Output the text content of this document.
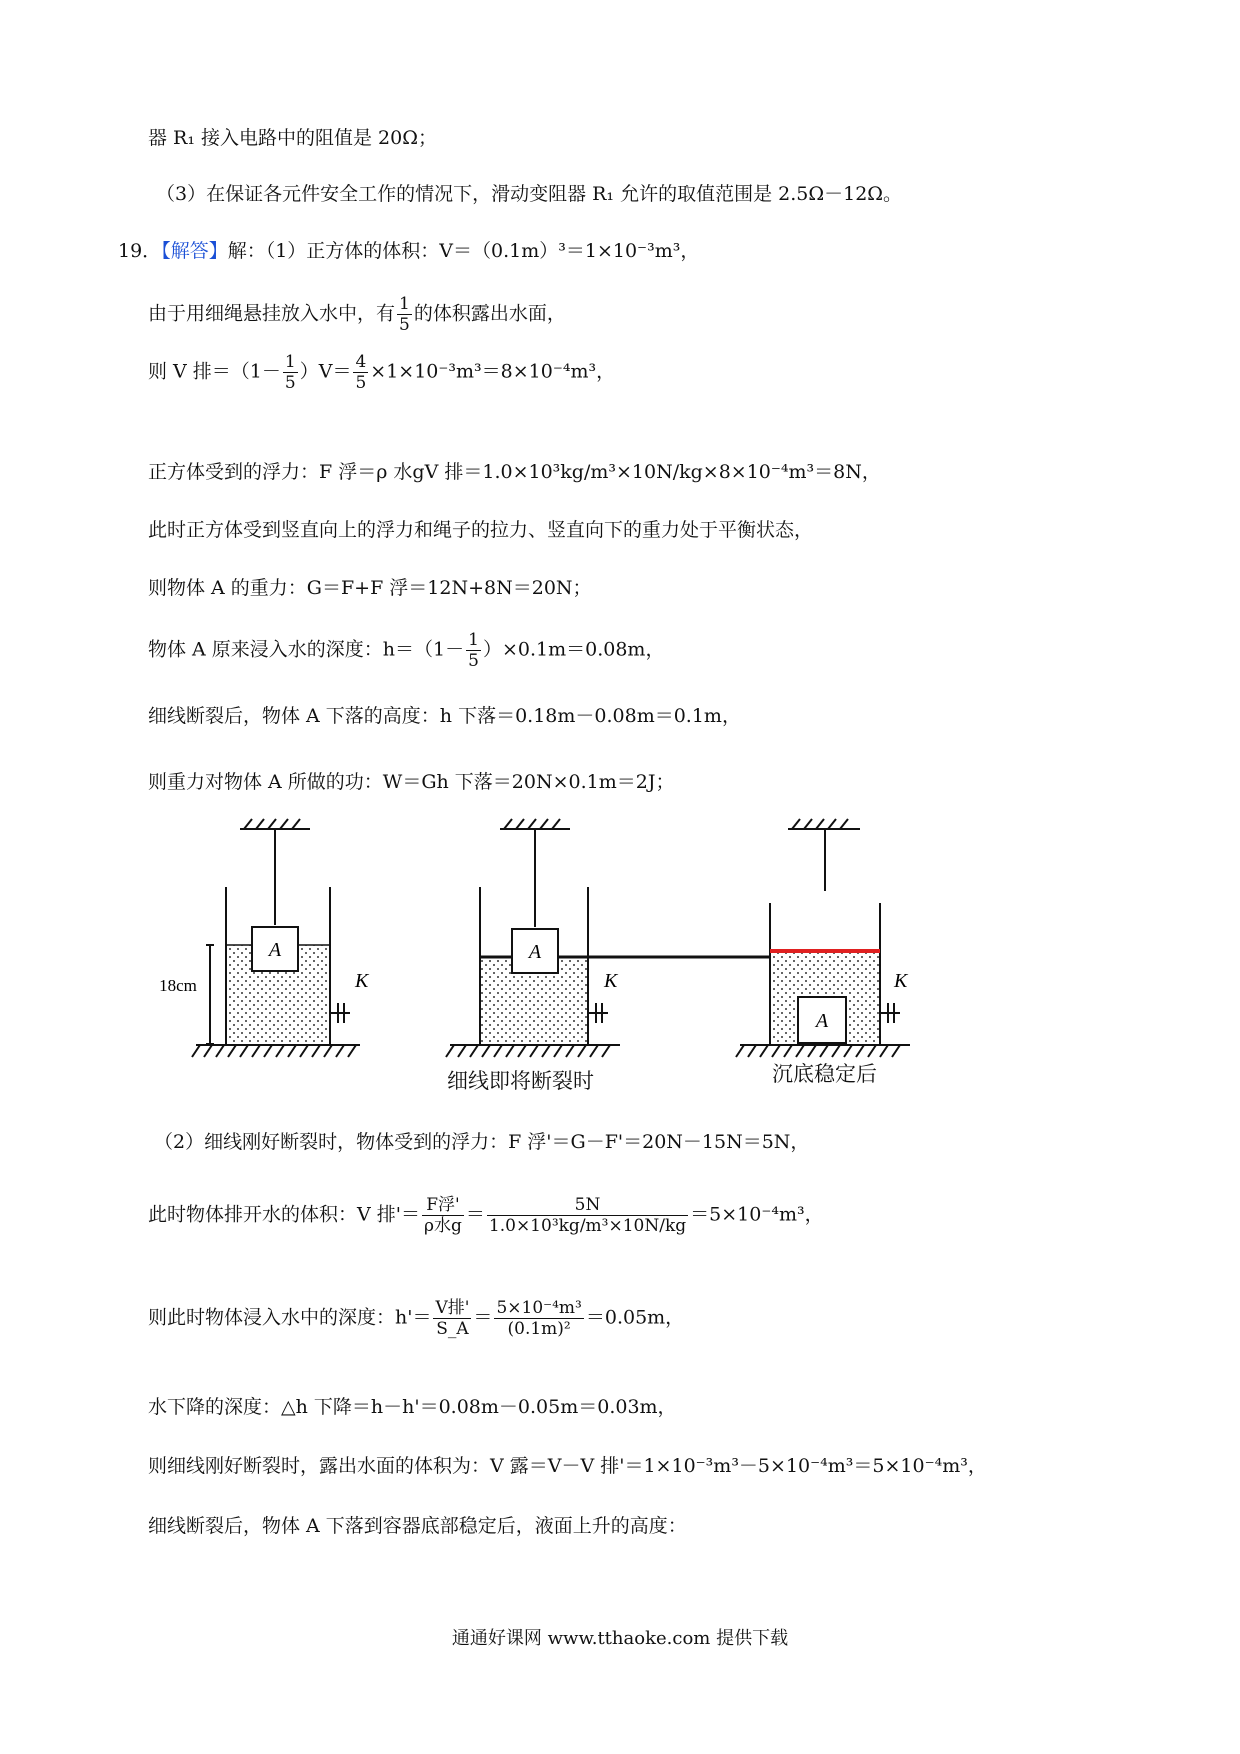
器 R₁ 接入电路中的阻值是 20Ω；
（3）在保证各元件安全工作的情况下，滑动变阻器 R₁ 允许的取值范围是 2.5Ω－12Ω。
19．【解答】解：（1）正方体的体积：V＝（0.1m）³＝1×10⁻³m³，
由于用细绳悬挂放入水中，有 $\frac{1}{5}$ 的体积露出水面，
则 V 排$=(1- \frac{1}{5} )V= \frac{4}{5} \times 1\times 10^{-3}m^3=8\times 10^{-4}m^3$，
正方体受到的浮力：F 浮＝ρ 水gV 排＝1.0×10³kg/m³×10N/kg×8×10⁻⁴m³＝8N，
此时正方体受到竖直向上的浮力和绳子的拉力、竖直向下的重力处于平衡状态，
则物体 A 的重力：G＝F+F 浮＝12N+8N＝20N；
物体 A 原来浸入水的深度：$h=(1- \frac{1}{5} )\times 0.1m=0.08m$，
细线断裂后，物体 A 下落的高度：h 下落＝0.18m－0.08m＝0.1m，
则重力对物体 A 所做的功：W＝Gh 下落＝20N×0.1m＝2J；
A
18cm	K
A
K
A
K
细线即将断裂时	沉底稳定后
（2）细线刚好断裂时，物体受到的浮力：F 浮'＝G－F'＝20N－15N＝5N，
此时物体排开水的体积：V 排'＝ $\frac{\text{F浮'}}{\text{ρ水g}} = \frac{5N}{\text{1.0×10³kg/m³×10N/kg}} =5\times 10^{-4}m^3$，
则此时物体浸入水中的深度：$h'= \frac{\text{V排'}}{S\_A} = \frac{\text{5×10⁻⁴m³}}{\text{(0.1m)²}} =0.05m$，
水下降的深度：△h 下降＝h－h'＝0.08m－0.05m＝0.03m，
则细线刚好断裂时，露出水面的体积为：V 露＝V－V 排'＝1×10⁻³m³－5×10⁻⁴m³＝5×10⁻⁴m³，
细线断裂后，物体 A 下落到容器底部稳定后，液面上升的高度：
通通好课网 www.tthaoke.com 提供下载
